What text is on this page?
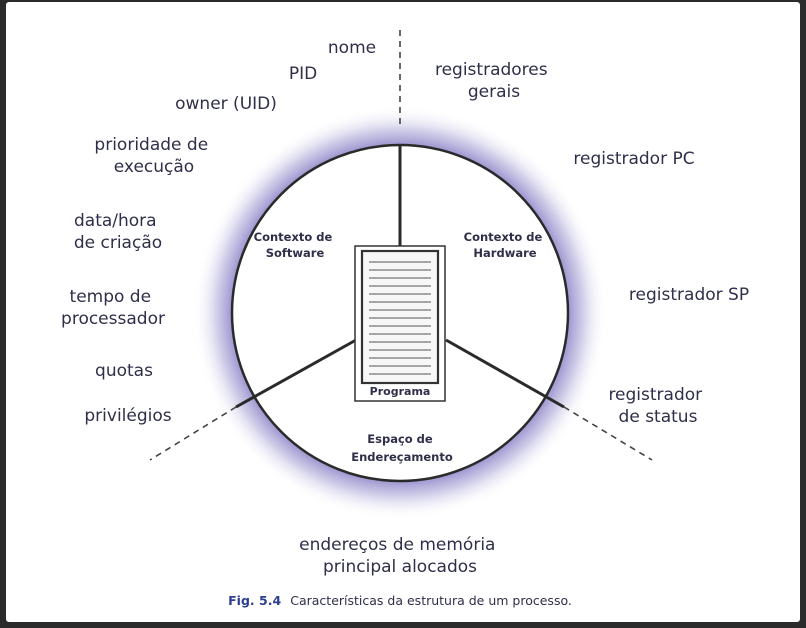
Programa
Contexto de Software
Contexto de Hardware
Espaço de Endereçamento
nome
PID
owner (UID)
prioridade de execução
data/hora de criação
tempo de processador
quotas
privilégios
registradores gerais
registrador PC
registrador SP
registrador de status
endereços de memória principal alocados
Fig. 5.4 Características da estrutura de um processo.
